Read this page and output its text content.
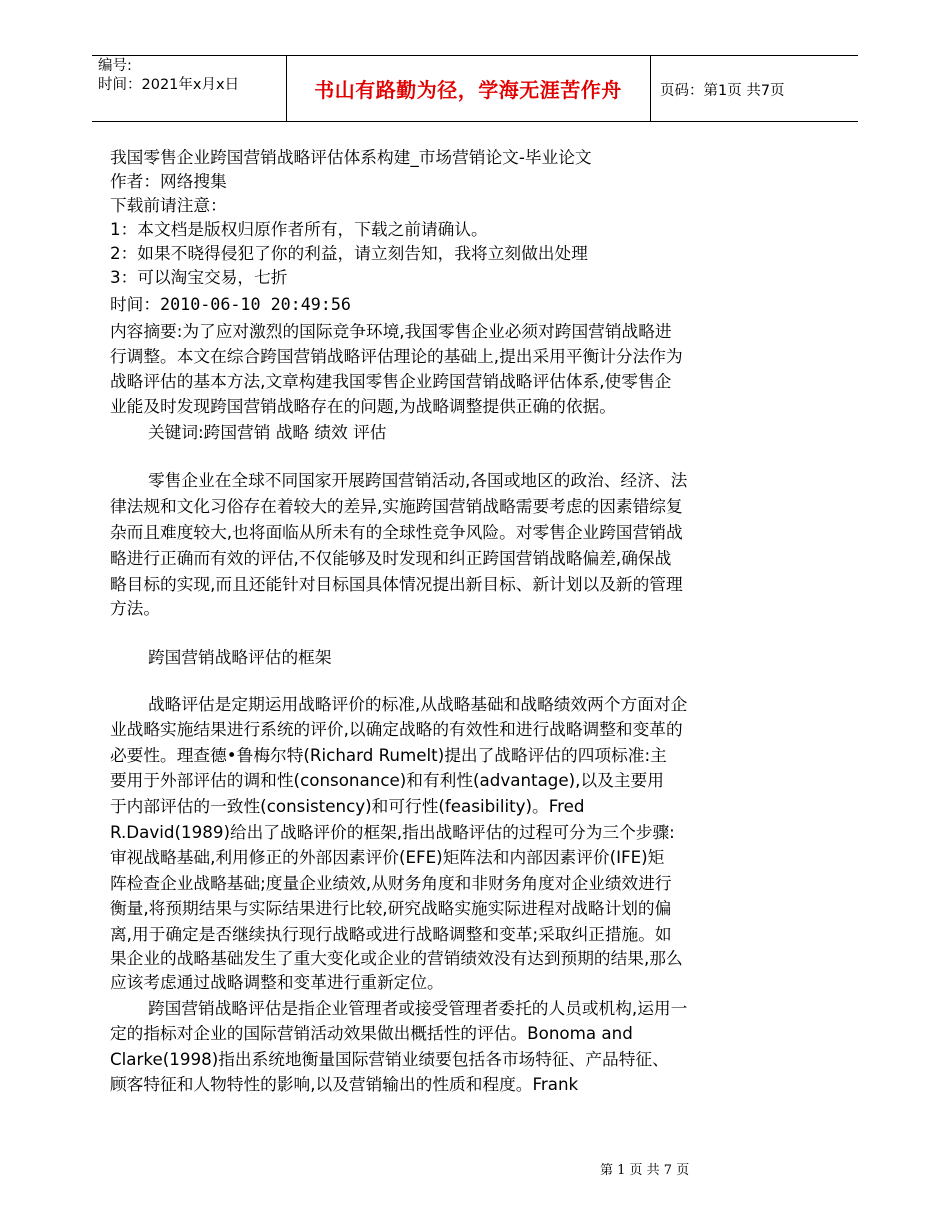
编号:
时间：2021年x月x日	书山有路勤为径，学海无涯苦作舟	页码：第1页 共7页
我国零售企业跨国营销战略评估体系构建_市场营销论文-毕业论文
作者：网络搜集
下载前请注意：
1：本文档是版权归原作者所有，下载之前请确认。
2：如果不晓得侵犯了你的利益，请立刻告知，我将立刻做出处理
3：可以淘宝交易，七折
时间：2010-06-10 20:49:56
内容摘要:为了应对激烈的国际竞争环境,我国零售企业必须对跨国营销战略进
行调整。本文在综合跨国营销战略评估理论的基础上,提出采用平衡计分法作为
战略评估的基本方法,文章构建我国零售企业跨国营销战略评估体系,使零售企
业能及时发现跨国营销战略存在的问题,为战略调整提供正确的依据。
关键词:跨国营销 战略 绩效 评估
零售企业在全球不同国家开展跨国营销活动,各国或地区的政治、经济、法
律法规和文化习俗存在着较大的差异,实施跨国营销战略需要考虑的因素错综复
杂而且难度较大,也将面临从所未有的全球性竞争风险。对零售企业跨国营销战
略进行正确而有效的评估,不仅能够及时发现和纠正跨国营销战略偏差,确保战
略目标的实现,而且还能针对目标国具体情况提出新目标、新计划以及新的管理
方法。
跨国营销战略评估的框架
战略评估是定期运用战略评价的标准,从战略基础和战略绩效两个方面对企
业战略实施结果进行系统的评价,以确定战略的有效性和进行战略调整和变革的
必要性。理查德•鲁梅尔特(Richard Rumelt)提出了战略评估的四项标准:主
要用于外部评估的调和性(consonance)和有利性(advantage),以及主要用
于内部评估的一致性(consistency)和可行性(feasibility)。Fred
R.David(1989)给出了战略评价的框架,指出战略评估的过程可分为三个步骤:
审视战略基础,利用修正的外部因素评价(EFE)矩阵法和内部因素评价(IFE)矩
阵检查企业战略基础;度量企业绩效,从财务角度和非财务角度对企业绩效进行
衡量,将预期结果与实际结果进行比较,研究战略实施实际进程对战略计划的偏
离,用于确定是否继续执行现行战略或进行战略调整和变革;采取纠正措施。如
果企业的战略基础发生了重大变化或企业的营销绩效没有达到预期的结果,那么
应该考虑通过战略调整和变革进行重新定位。
跨国营销战略评估是指企业管理者或接受管理者委托的人员或机构,运用一
定的指标对企业的国际营销活动效果做出概括性的评估。Bonoma and
Clarke(1998)指出系统地衡量国际营销业绩要包括各市场特征、产品特征、
顾客特征和人物特性的影响,以及营销输出的性质和程度。Frank
第 1 页 共 7 页
